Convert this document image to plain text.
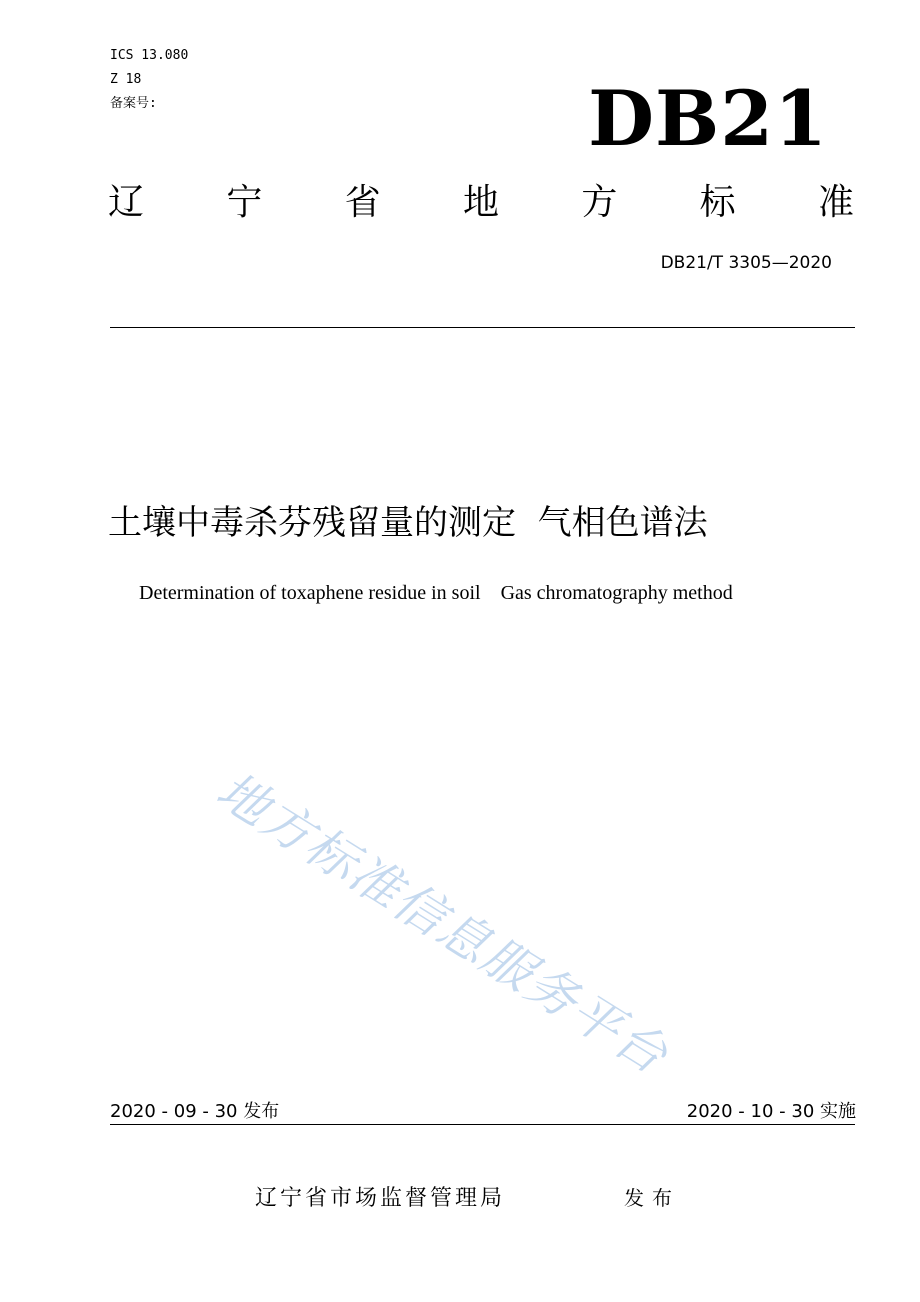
ICS 13.080
Z 18
备案号:	DB21
辽 宁 省 地 方 标 准
DB21/T 3305—2020
土壤中毒杀芬残留量的测定  气相色谱法
Determination of toxaphene residue in soil    Gas chromatography method
地方标准信息服务平台
2020 - 09 - 30 发布	2020 - 10 - 30 实施
辽宁省市场监督管理局	发布
